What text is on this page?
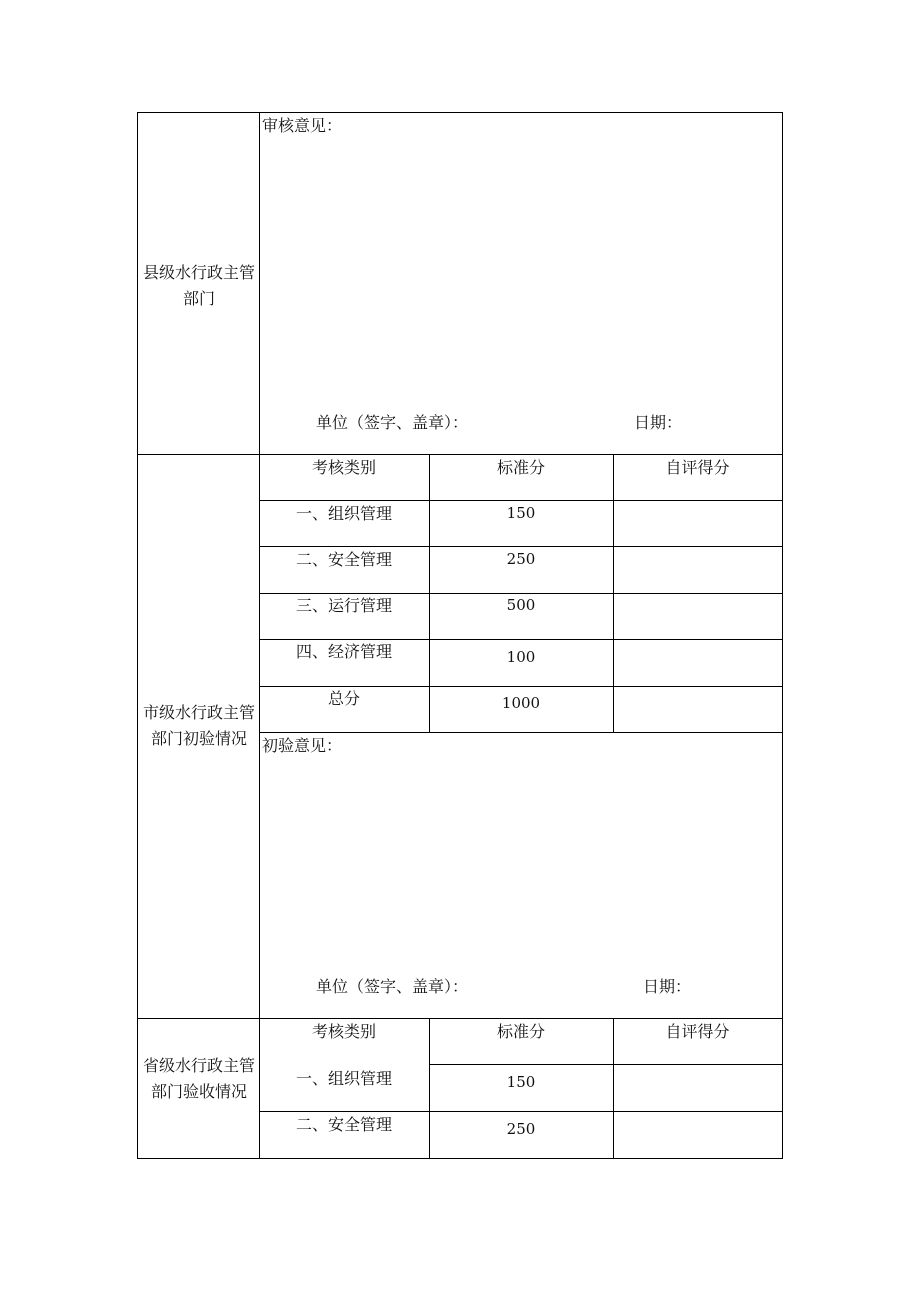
县级水行政主管部门
审核意见：
单位（签字、盖章）：	日期：
市级水行政主管部门初验情况
考核类别	标准分	自评得分
一、组织管理	150
二、安全管理	250
三、运行管理	500
四、经济管理	100
总分	1000
初验意见：
单位（签字、盖章）：	日期：
省级水行政主管部门验收情况
考核类别	标准分	自评得分
一、组织管理	150
二、安全管理	250
